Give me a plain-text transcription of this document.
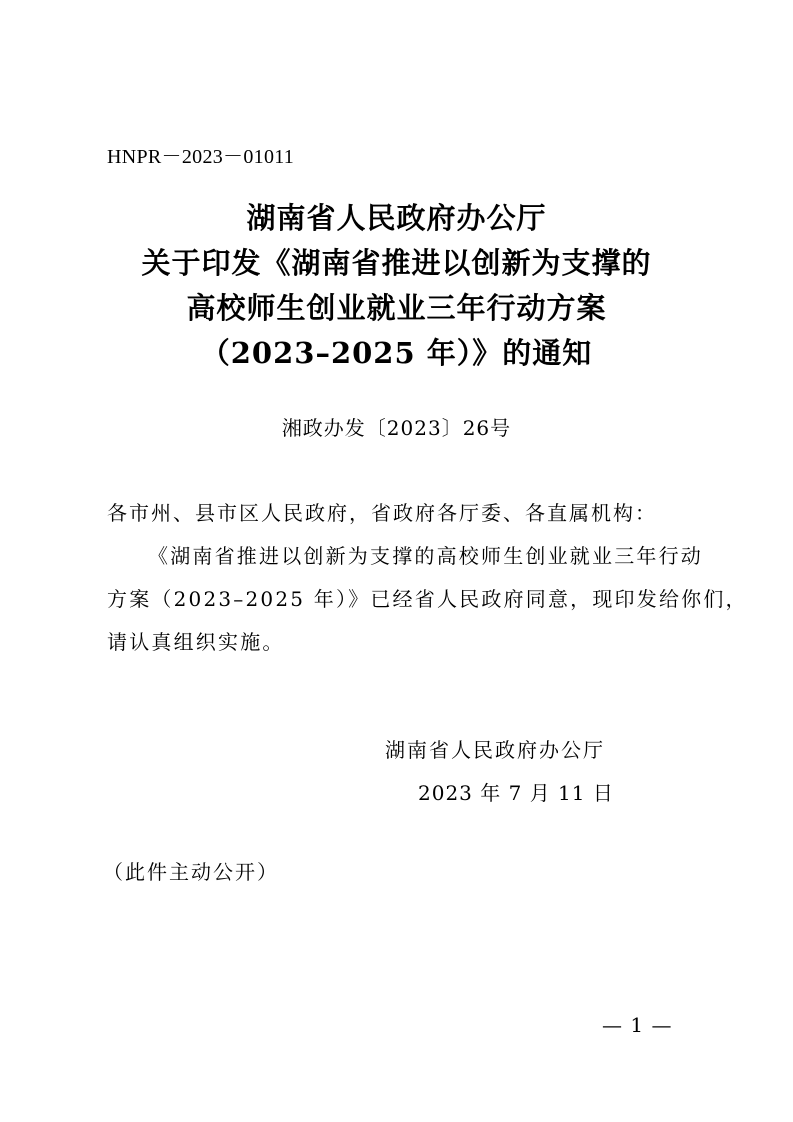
HNPR－2023－01011
湖南省人民政府办公厅
关于印发《湖南省推进以创新为支撑的
高校师生创业就业三年行动方案
（2023–2025 年）》的通知
湘政办发〔2023〕26号
各市州、县市区人民政府，省政府各厅委、各直属机构：
《湖南省推进以创新为支撑的高校师生创业就业三年行动
方案（2023–2025 年）》已经省人民政府同意，现印发给你们，
请认真组织实施。
湖南省人民政府办公厅
2023 年 7 月 11 日
（此件主动公开）
— 1 —
